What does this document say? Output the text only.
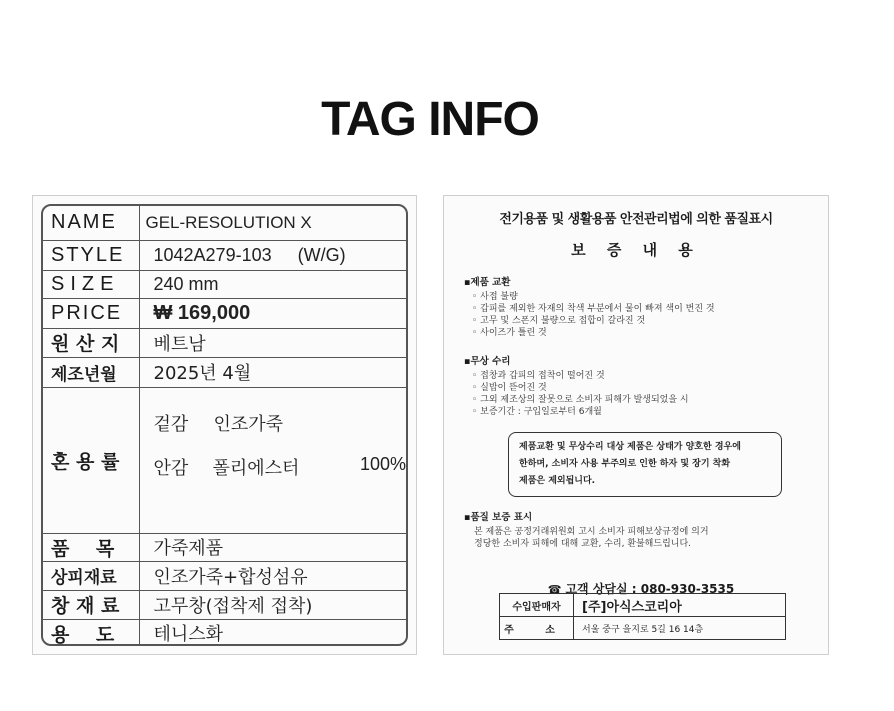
TAG INFO
NAME	GEL-RESOLUTION X
STYLE	1042A279-103 (W/G)
SIZE	240 mm
PRICE	₩ 169,000
원 산 지	베트남
제조년월	2025년 4월
혼 용 률	겉감 인조가죽
안감 폴리에스터 100%

품    목	가죽제품
상피재료	인조가죽+합성섬유
창 재 료	고무창(접착제 접착)
용    도	테니스화
전기용품 및 생활용품 안전관리법에 의한 품질표시
보 증 내 용
▪제품 교환
◦ 사접 불량
◦ 갑피를 제외한 자재의 착색 부분에서 물이 빠져 색이 번진 것
◦ 고무 및 스폰지 불량으로 접합이 갈라진 것
◦ 사이즈가 틀린 것
▪무상 수리
◦ 접창과 갑피의 접착이 떨어진 것
◦ 실밥이 뜯어진 것
◦ 그외 제조상의 잘못으로 소비자 피해가 발생되었을 시
◦ 보증기간 : 구입일로부터 6개월
제품교환 및 무상수리 대상 제품은 상태가 양호한 경우에
한하며, 소비자 사용 부주의로 인한 하자 및 장기 착화
제품은 제외됩니다.
▪품질 보증 표시
본 제품은 공정거래위원회 고시 소비자 피해보상규정에 의거
정당한 소비자 피해에 대해 교환, 수리, 환불해드립니다.
☎ 고객 상담실 : 080-930-3535
수입판매자	[주]아식스코리아
주 소	서울 중구 을지로 5길 16 14층
